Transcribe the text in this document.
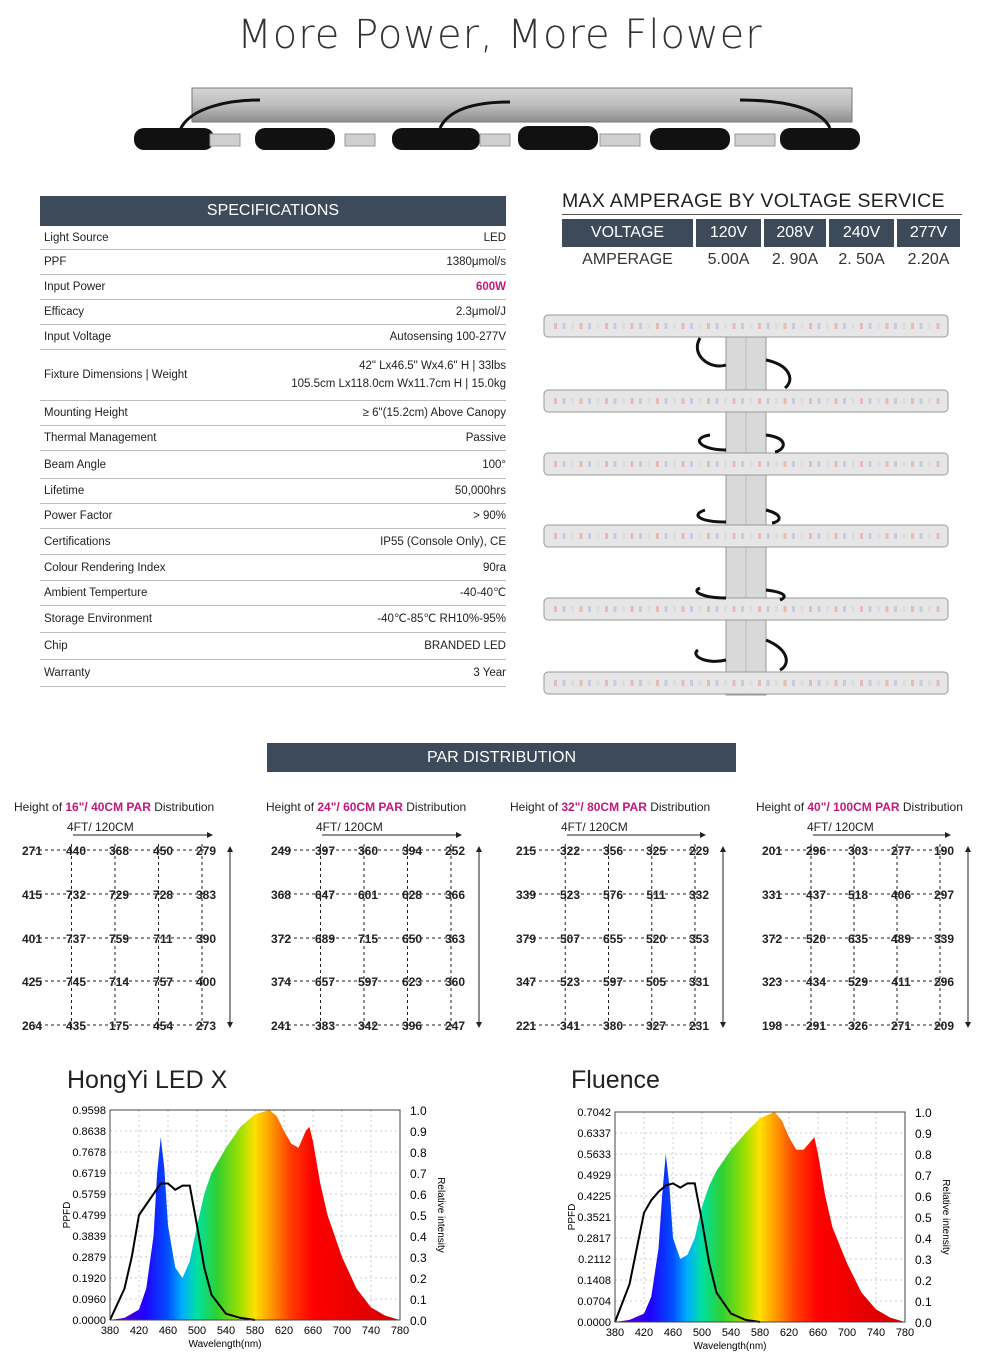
More Power, More Flower
SPECIFICATIONS
Light Source	LED
PPF	1380μmol/s
Input Power	600W
Efficacy	2.3μmol/J
Input Voltage	Autosensing 100-277V
Fixture Dimensions | Weight
42" Lx46.5" Wx4.6" H | 33lbs
105.5cm Lx118.0cm Wx11.7cm H | 15.0kg
Mounting Height	≥ 6"(15.2cm) Above Canopy
Thermal Management	Passive
Beam Angle	100°
Lifetime	50,000hrs
Power Factor	> 90%
Certifications	IP55 (Console Only), CE
Colour Rendering Index	90ra
Ambient Temperture	-40-40℃
Storage Environment	-40℃-85℃ RH10%-95%
Chip	BRANDED LED
Warranty	3 Year
MAX AMPERAGE BY VOLTAGE SERVICE
VOLTAGE	120V	208V	240V	277V
AMPERAGE	5.00A	2. 90A	2. 50A	2.20A
PAR DISTRIBUTION
Height of 16"/ 40CM PAR Distribution
4FT/ 120CM
271	440	368	450	279
415	732	729	728	383
401	737	759	711	390
425	745	714	757	400
264	435	175	454	273
Height of 24"/ 60CM PAR Distribution
4FT/ 120CM
249	397	360	394	252
368	647	601	628	366
372	689	715	650	363
374	657	597	623	360
241	383	342	396	247
Height of 32"/ 80CM PAR Distribution
4FT/ 120CM
215	322	356	325	229
339	523	576	511	332
379	507	655	520	353
347	523	597	505	331
221	341	380	327	231
Height of 40"/ 100CM PAR Distribution
4FT/ 120CM
201	296	303	277	190
331	437	518	406	297
372	520	635	489	339
323	434	529	411	296
198	291	326	271	209
HongYi LED X	Fluence
0.0000
0.0960
0.1920
0.2879
0.3839
0.4799
0.5759
0.6719
0.7678
0.8638
0.9598
0.0
0.1
0.2
0.3
0.4
0.5
0.6
0.7
0.8
0.9
1.0
380 420 460 500 540 580 620 660 700 740 780
Wavelength(nm)
PPFD	Relative intensity
0.0000
0.0704
0.1408
0.2112
0.2817
0.3521
0.4225
0.4929
0.5633
0.6337
0.7042
0.0
0.1
0.2
0.3
0.4
0.5
0.6
0.7
0.8
0.9
1.0
380 420 460 500 540 580 620 660 700 740 780
Wavelength(nm)
PPFD	Relative intensity
